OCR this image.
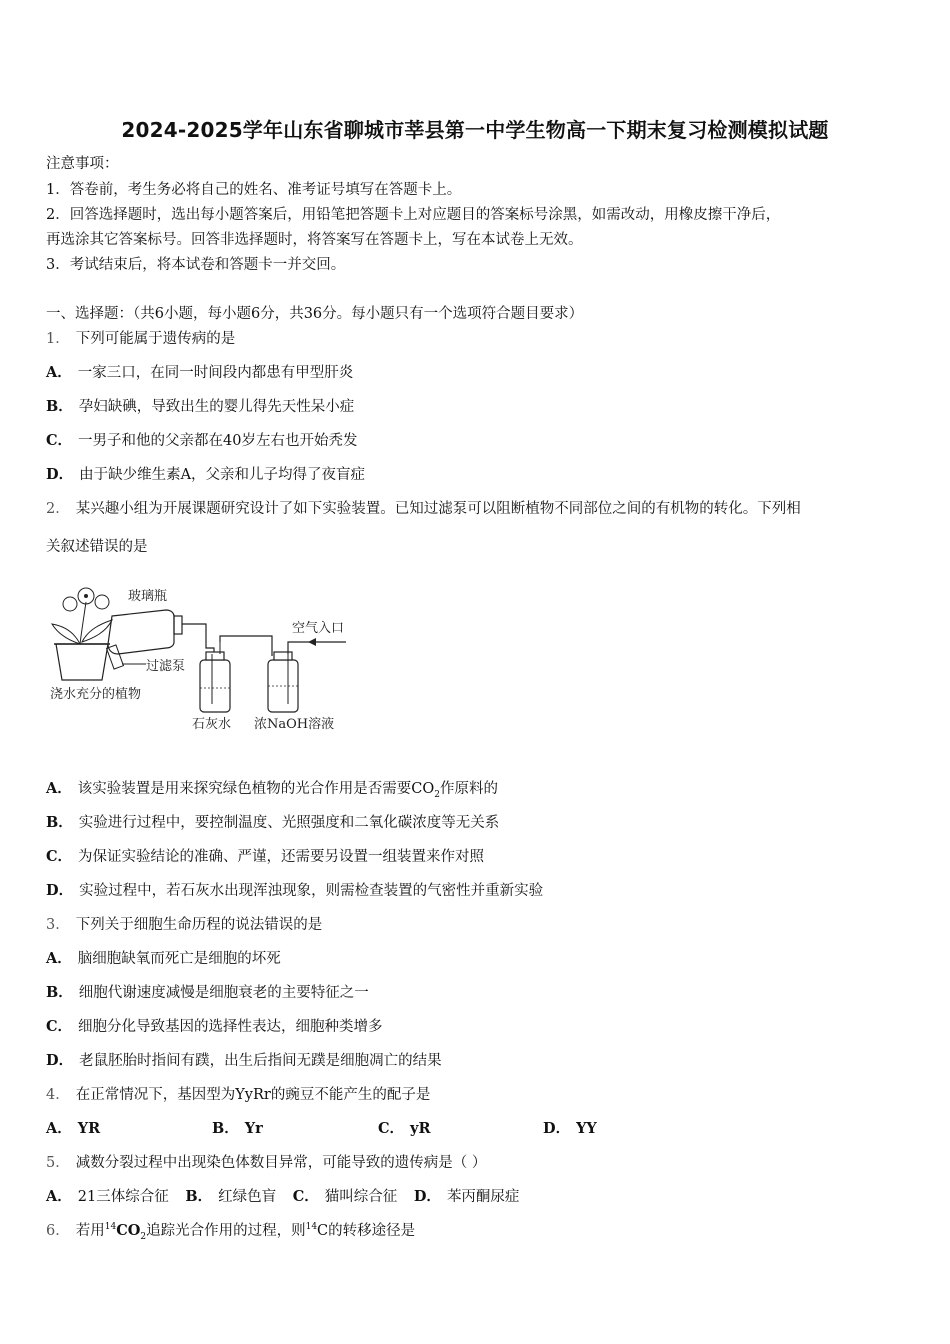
2024-2025学年山东省聊城市莘县第一中学生物高一下期末复习检测模拟试题
注意事项：
1．答卷前，考生务必将自己的姓名、准考证号填写在答题卡上。
2．回答选择题时，选出每小题答案后，用铅笔把答题卡上对应题目的答案标号涂黑，如需改动，用橡皮擦干净后，
再选涂其它答案标号。回答非选择题时，将答案写在答题卡上，写在本试卷上无效。
3．考试结束后，将本试卷和答题卡一并交回。
一、选择题：（共6小题，每小题6分，共36分。每小题只有一个选项符合题目要求）
1． 下列可能属于遗传病的是
A． 一家三口，在同一时间段内都患有甲型肝炎
B． 孕妇缺碘，导致出生的婴儿得先天性呆小症
C． 一男子和他的父亲都在40岁左右也开始秃发
D． 由于缺少维生素A，父亲和儿子均得了夜盲症
2． 某兴趣小组为开展课题研究设计了如下实验装置。已知过滤泵可以阻断植物不同部位之间的有机物的转化。下列相
关叙述错误的是
玻璃瓶
空气入口
过滤泵
浇水充分的植物
石灰水 浓NaOH溶液
A． 该实验装置是用来探究绿色植物的光合作用是否需要$CO_2$作原料的
B． 实验进行过程中，要控制温度、光照强度和二氧化碳浓度等无关系
C． 为保证实验结论的准确、严谨，还需要另设置一组装置来作对照
D． 实验过程中，若石灰水出现浑浊现象，则需检查装置的气密性并重新实验
3． 下列关于细胞生命历程的说法错误的是
A． 脑细胞缺氧而死亡是细胞的坏死
B． 细胞代谢速度减慢是细胞衰老的主要特征之一
C． 细胞分化导致基因的选择性表达，细胞种类增多
D． 老鼠胚胎时指间有蹼，出生后指间无蹼是细胞凋亡的结果
4． 在正常情况下，基因型为YyRr的豌豆不能产生的配子是
A． YR	B． Yr	C． yR	D． YY
5． 减数分裂过程中出现染色体数目异常，可能导致的遗传病是（ ）
A． 21三体综合征 B． 红绿色盲 C． 猫叫综合征 D． 苯丙酮尿症
6． 若用$^{14}CO_2$追踪光合作用的过程，则$^{14}$C的转移途径是
